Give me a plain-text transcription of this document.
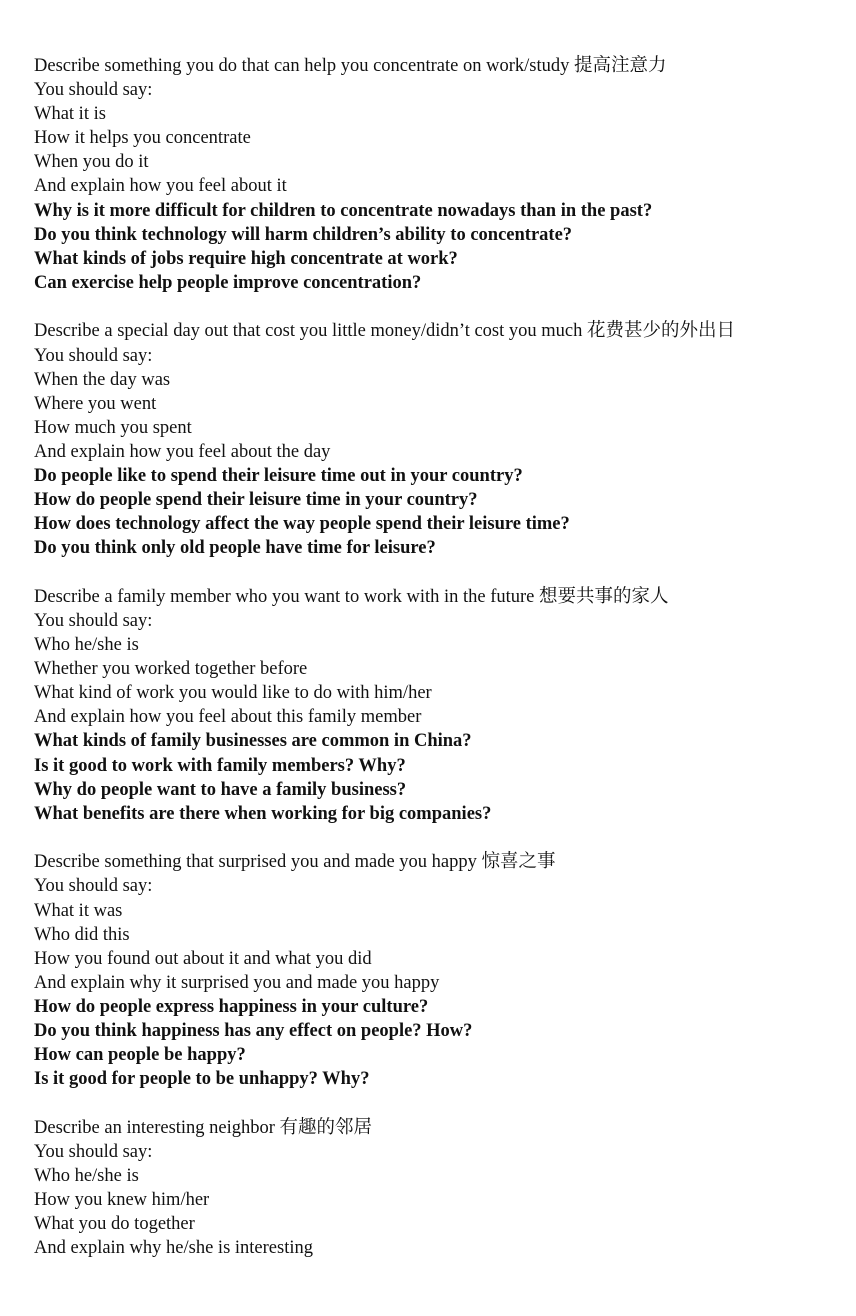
Describe something you do that can help you concentrate on work/study 提高注意力
You should say:
What it is
How it helps you concentrate
When you do it
And explain how you feel about it
Why is it more difficult for children to concentrate nowadays than in the past?
Do you think technology will harm children’s ability to concentrate?
What kinds of jobs require high concentrate at work?
Can exercise help people improve concentration?
Describe a special day out that cost you little money/didn’t cost you much 花费甚少的外出日
You should say:
When the day was
Where you went
How much you spent
And explain how you feel about the day
Do people like to spend their leisure time out in your country?
How do people spend their leisure time in your country?
How does technology affect the way people spend their leisure time?
Do you think only old people have time for leisure?
Describe a family member who you want to work with in the future 想要共事的家人
You should say:
Who he/she is
Whether you worked together before
What kind of work you would like to do with him/her
And explain how you feel about this family member
What kinds of family businesses are common in China?
Is it good to work with family members? Why?
Why do people want to have a family business?
What benefits are there when working for big companies?
Describe something that surprised you and made you happy 惊喜之事
You should say:
What it was
Who did this
How you found out about it and what you did
And explain why it surprised you and made you happy
How do people express happiness in your culture?
Do you think happiness has any effect on people? How?
How can people be happy?
Is it good for people to be unhappy? Why?
Describe an interesting neighbor 有趣的邻居
You should say:
Who he/she is
How you knew him/her
What you do together
And explain why he/she is interesting
